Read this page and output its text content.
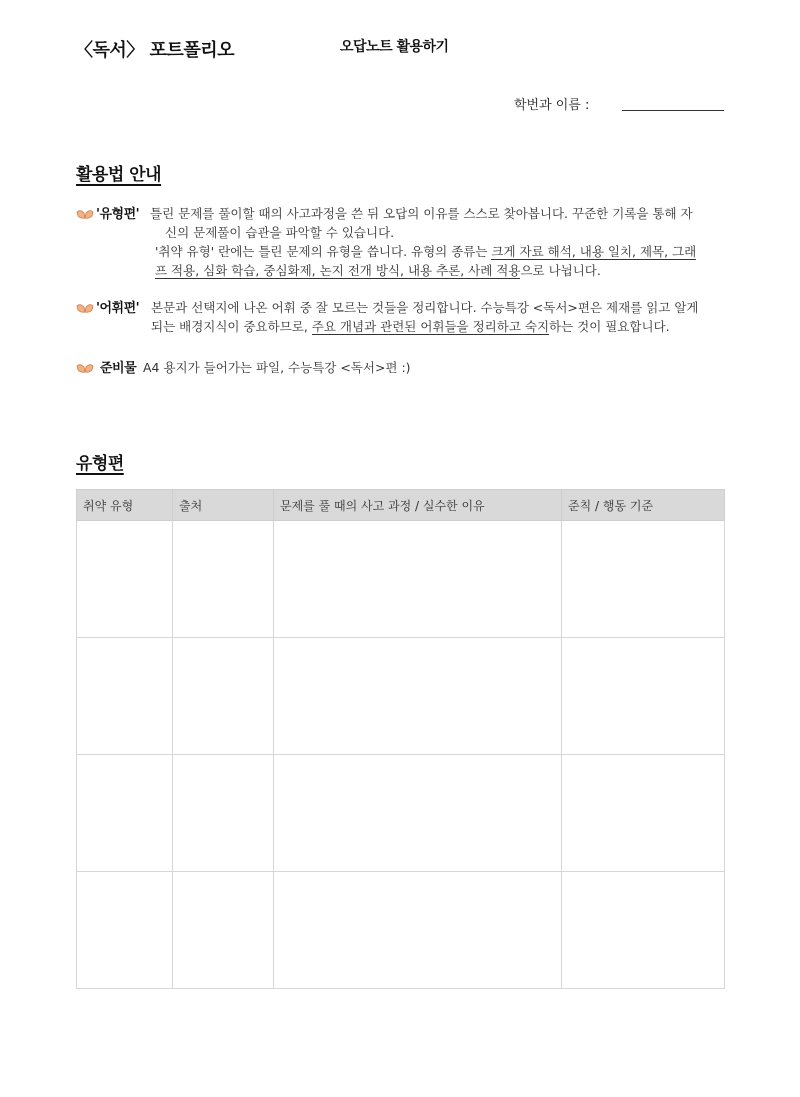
〈독서〉 포트폴리오	오답노트 활용하기
학번과 이름 :
활용법 안내
'유형편' 틀린 문제를 풀이할 때의 사고과정을 쓴 뒤 오답의 이유를 스스로 찾아봅니다. 꾸준한 기록을 통해 자
신의 문제풀이 습관을 파악할 수 있습니다.
'취약 유형' 란에는 틀린 문제의 유형을 씁니다. 유형의 종류는 크게 자료 해석, 내용 일치, 제목, 그래
프 적용, 심화 학습, 중심화제, 논지 전개 방식, 내용 추론, 사례 적용으로 나뉩니다.
'어휘편' 본문과 선택지에 나온 어휘 중 잘 모르는 것들을 정리합니다. 수능특강 <독서>편은 제재를 읽고 알게
되는 배경지식이 중요하므로, 주요 개념과 관련된 어휘들을 정리하고 숙지하는 것이 필요합니다.
준비물 A4 용지가 들어가는 파일, 수능특강 <독서>편 :)
유형편
취약 유형	출처	문제를 풀 때의 사고 과정 / 실수한 이유	준칙 / 행동 기준
